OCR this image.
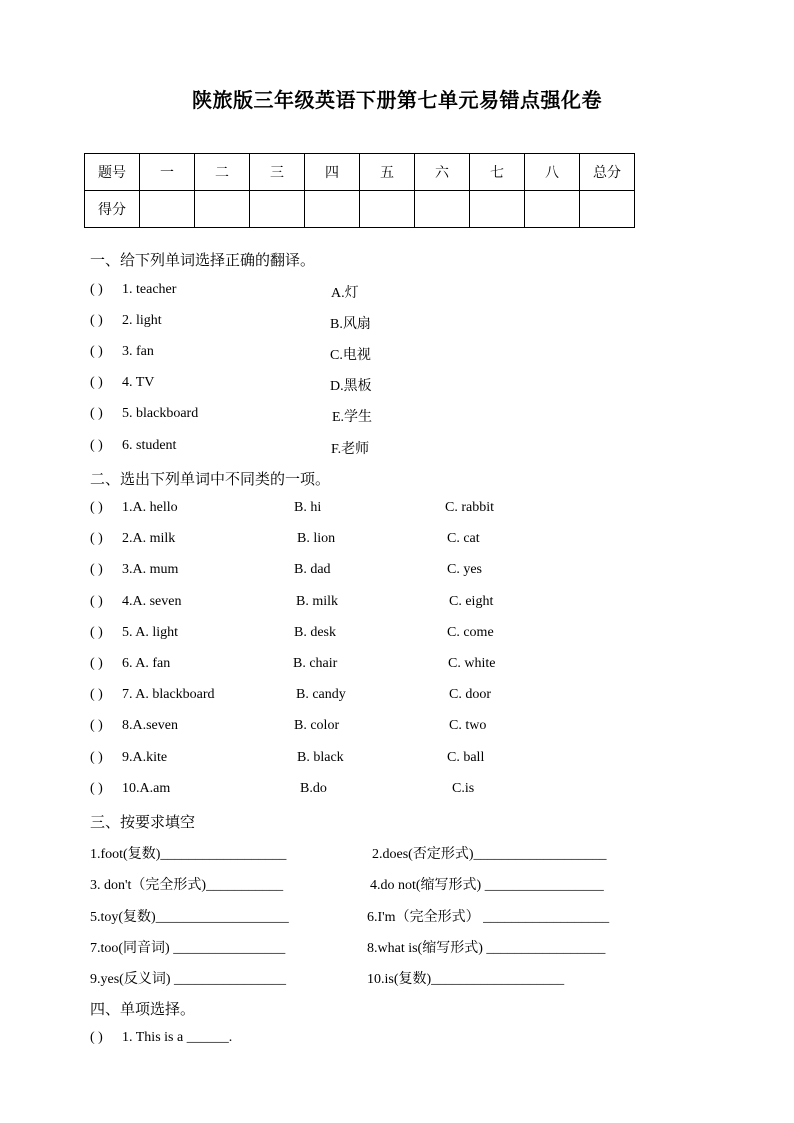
陕旅版三年级英语下册第七单元易错点强化卷
题号	一	二	三	四	五	六	七	八	总分
得分									
一、给下列单词选择正确的翻译。
( ) 1. teacher	A.灯
( ) 2. light	B.风扇
( ) 3. fan	C.电视
( ) 4. TV	D.黑板
( ) 5. blackboard	E.学生
( ) 6. student	F.老师
二、选出下列单词中不同类的一项。
( ) 1.A. hello	B. hi	C. rabbit
( ) 2.A. milk	B. lion	C. cat
( ) 3.A. mum	B. dad	C. yes
( ) 4.A. seven	B. milk	C. eight
( ) 5. A. light	B. desk	C. come
( ) 6. A. fan	B. chair	C. white
( ) 7. A. blackboard	B. candy	C. door
( ) 8.A.seven	B. color	C. two
( ) 9.A.kite	B. black	C. ball
( ) 10.A.am	B.do	C.is
三、按要求填空
1.foot(复数)__________________	2.does(否定形式)___________________
3. don't（完全形式)___________	4.do not(缩写形式) _________________
5.toy(复数)___________________	6.I'm（完全形式） __________________
7.too(同音词) ________________	8.what is(缩写形式) _________________
9.yes(反义词) ________________	10.is(复数)___________________
四、单项选择。
( ) 1. This is a ______.
